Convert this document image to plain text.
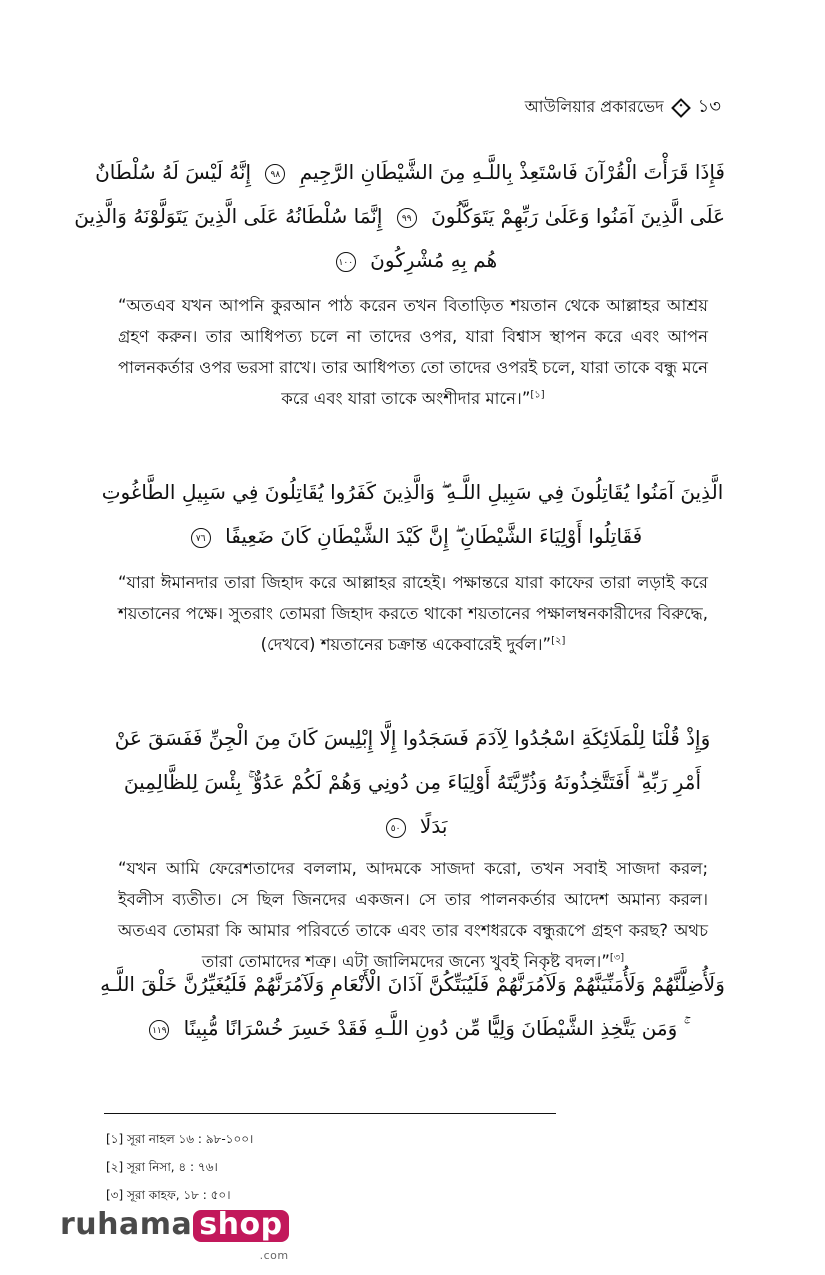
আউলিয়ার প্রকারভেদ ১৩
فَإِذَا قَرَأْتَ الْقُرْآنَ فَاسْتَعِذْ بِاللَّـهِ مِنَ الشَّيْطَانِ الرَّجِيمِ ٩٨ إِنَّهُ لَيْسَ لَهُ سُلْطَانٌ
عَلَى الَّذِينَ آمَنُوا وَعَلَىٰ رَبِّهِمْ يَتَوَكَّلُونَ ٩٩ إِنَّمَا سُلْطَانُهُ عَلَى الَّذِينَ يَتَوَلَّوْنَهُ وَالَّذِينَ
هُم بِهِ مُشْرِكُونَ ١٠٠
“অতএব যখন আপনি কুরআন পাঠ করেন তখন বিতাড়িত শয়তান থেকে আল্লাহর আশ্রয় গ্রহণ করুন। তার আধিপত্য চলে না তাদের ওপর, যারা বিশ্বাস স্থাপন করে এবং আপন পালনকর্তার ওপর ভরসা রাখে। তার আধিপত্য তো তাদের ওপরই চলে, যারা তাকে বন্ধু মনে করে এবং যারা তাকে অংশীদার মানে।”[১]
الَّذِينَ آمَنُوا يُقَاتِلُونَ فِي سَبِيلِ اللَّـهِ ۖ وَالَّذِينَ كَفَرُوا يُقَاتِلُونَ فِي سَبِيلِ الطَّاغُوتِ
فَقَاتِلُوا أَوْلِيَاءَ الشَّيْطَانِ ۖ إِنَّ كَيْدَ الشَّيْطَانِ كَانَ ضَعِيفًا ٧٦
“যারা ঈমানদার তারা জিহাদ করে আল্লাহর রাহেই। পক্ষান্তরে যারা কাফের তারা লড়াই করে শয়তানের পক্ষে। সুতরাং তোমরা জিহাদ করতে থাকো শয়তানের পক্ষালম্বনকারীদের বিরুদ্ধে, (দেখবে) শয়তানের চক্রান্ত একেবারেই দুর্বল।”[২]
وَإِذْ قُلْنَا لِلْمَلَائِكَةِ اسْجُدُوا لِآدَمَ فَسَجَدُوا إِلَّا إِبْلِيسَ كَانَ مِنَ الْجِنِّ فَفَسَقَ عَنْ
أَمْرِ رَبِّهِ ۗ أَفَتَتَّخِذُونَهُ وَذُرِّيَّتَهُ أَوْلِيَاءَ مِن دُونِي وَهُمْ لَكُمْ عَدُوٌّ ۚ بِئْسَ لِلظَّالِمِينَ
بَدَلًا ٥٠
“যখন আমি ফেরেশতাদের বললাম, আদমকে সাজদা করো, তখন সবাই সাজদা করল; ইবলীস ব্যতীত। সে ছিল জিনদের একজন। সে তার পালনকর্তার আদেশ অমান্য করল। অতএব তোমরা কি আমার পরিবর্তে তাকে এবং তার বংশধরকে বন্ধুরূপে গ্রহণ করছ? অথচ তারা তোমাদের শত্রু। এটা জালিমদের জন্যে খুবই নিকৃষ্ট বদল।”[৩]
وَلَأُضِلَّنَّهُمْ وَلَأُمَنِّيَنَّهُمْ وَلَآمُرَنَّهُمْ فَلَيُبَتِّكُنَّ آذَانَ الْأَنْعَامِ وَلَآمُرَنَّهُمْ فَلَيُغَيِّرُنَّ خَلْقَ اللَّـهِ
ۚ وَمَن يَتَّخِذِ الشَّيْطَانَ وَلِيًّا مِّن دُونِ اللَّـهِ فَقَدْ خَسِرَ خُسْرَانًا مُّبِينًا ١١٩
[১] সূরা নাহল ১৬ : ৯৮-১০০।
[২] সূরা নিসা, ৪ : ৭৬।
[৩] সূরা কাহফ, ১৮ : ৫০।
ruhama shop
.com
